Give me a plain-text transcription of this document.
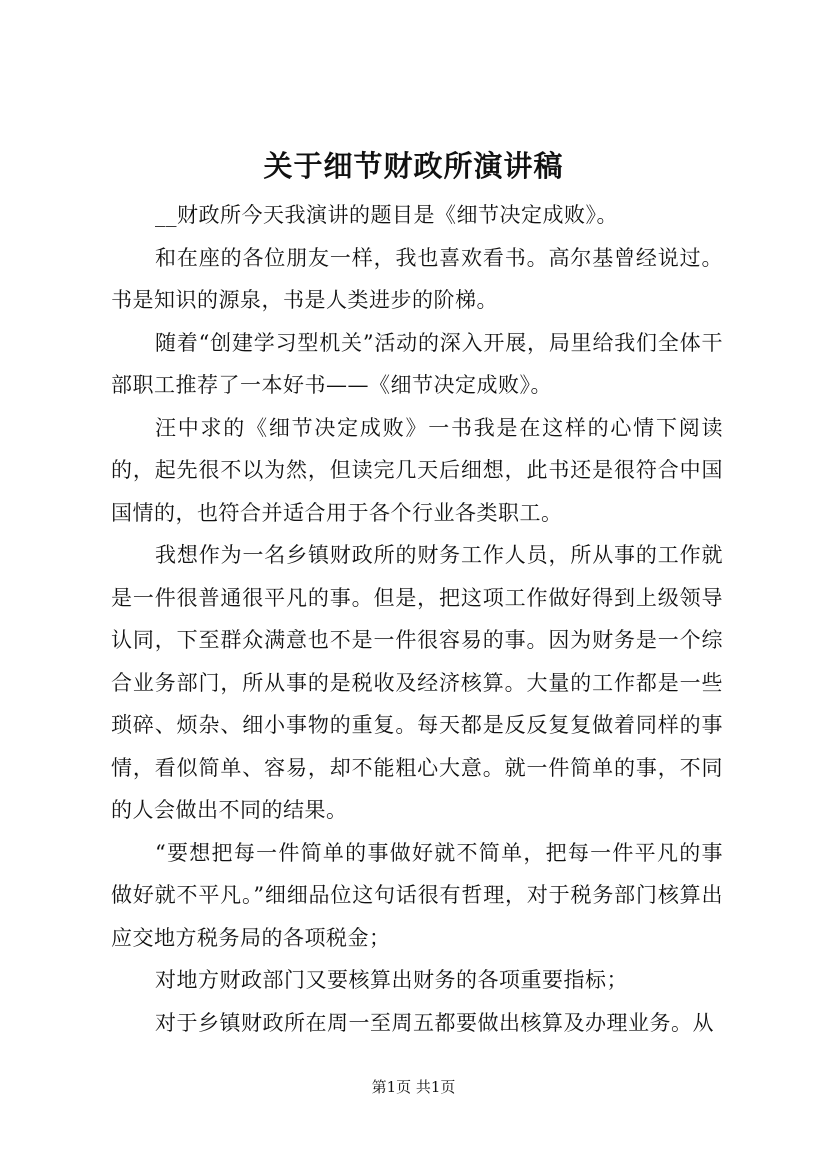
关于细节财政所演讲稿

__财政所今天我演讲的题目是《细节决定成败》。

和在座的各位朋友一样，我也喜欢看书。高尔基曾经说过。书是知识的源泉，书是人类进步的阶梯。

随着“创建学习型机关”活动的深入开展，局里给我们全体干部职工推荐了一本好书——《细节决定成败》。

汪中求的《细节决定成败》一书我是在这样的心情下阅读的，起先很不以为然，但读完几天后细想，此书还是很符合中国国情的，也符合并适合用于各个行业各类职工。

我想作为一名乡镇财政所的财务工作人员，所从事的工作就是一件很普通很平凡的事。但是，把这项工作做好得到上级领导认同，下至群众满意也不是一件很容易的事。因为财务是一个综合业务部门，所从事的是税收及经济核算。大量的工作都是一些琐碎、烦杂、细小事物的重复。每天都是反反复复做着同样的事情，看似简单、容易，却不能粗心大意。就一件简单的事，不同的人会做出不同的结果。

“要想把每一件简单的事做好就不简单，把每一件平凡的事做好就不平凡。”细细品位这句话很有哲理，对于税务部门核算出应交地方税务局的各项税金；

对地方财政部门又要核算出财务的各项重要指标；

对于乡镇财政所在周一至周五都要做出核算及办理业务。从

第1页 共1页
